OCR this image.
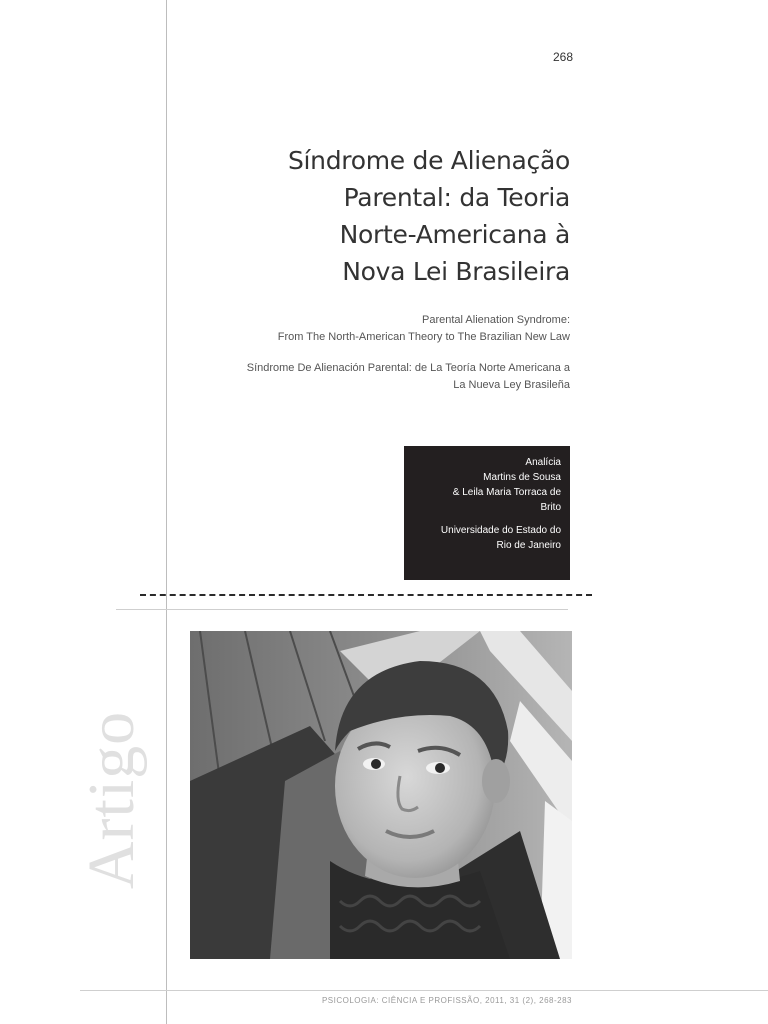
268
Síndrome de Alienação
Parental: da Teoria
Norte-Americana à
Nova Lei Brasileira
Parental Alienation Syndrome:
From The North-American Theory to The Brazilian New Law
Síndrome De Alienación Parental: de La Teoría Norte Americana a
La Nueva Ley Brasileña
Analícia
Martins de Sousa
& Leila Maria Torraca de
Brito
Universidade do Estado do
Rio de Janeiro
Artigo
PSICOLOGIA: CIÊNCIA E PROFISSÃO, 2011, 31 (2), 268-283
